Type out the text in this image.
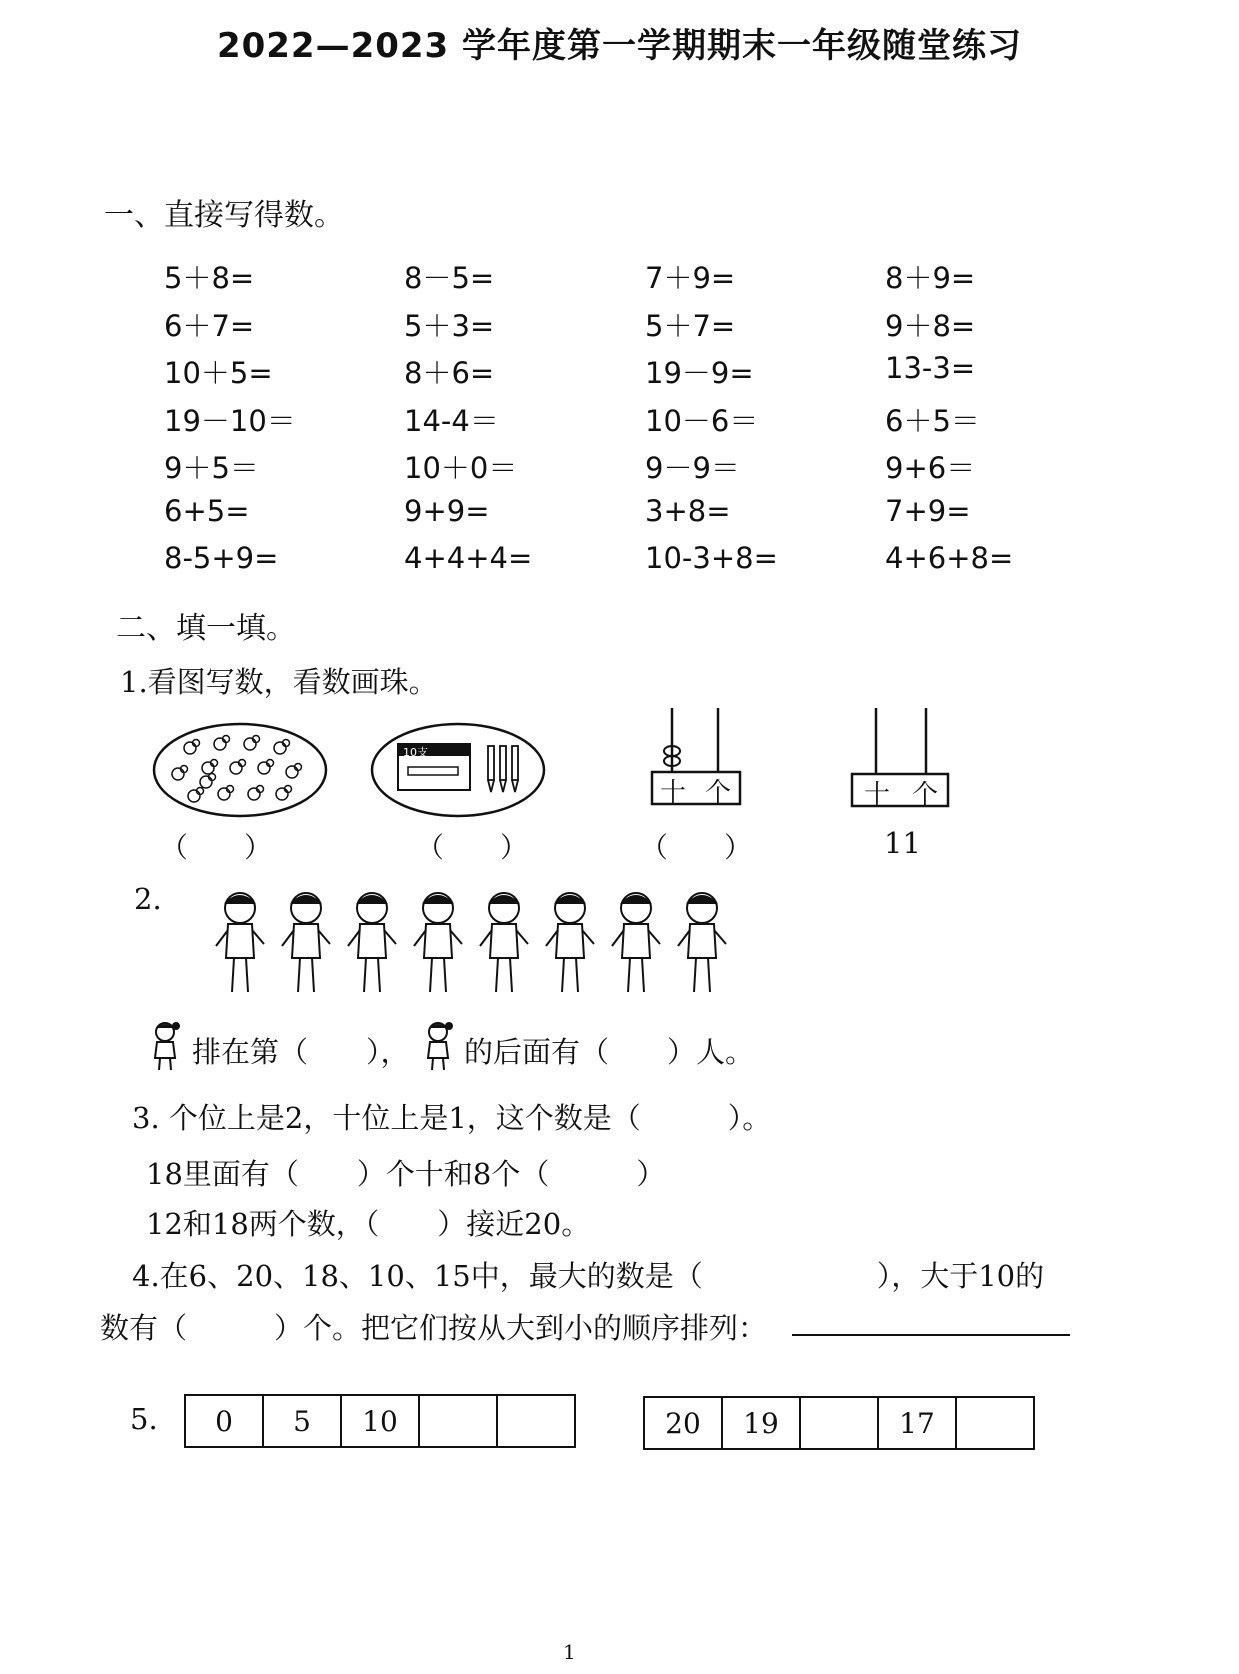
2022—2023 学年度第一学期期末一年级随堂练习
一、直接写得数。
5＋8=	8－5=	7＋9=	8＋9=
6＋7=	5＋3=	5＋7=	9＋8=
10＋5=	8＋6=	19－9=	13-3=
19－10＝	14-4＝	10－6＝	6＋5＝
9＋5＝	10＋0＝	9－9＝	9+6＝
6+5=	9+9=	3+8=	7+9=
8-5+9=	4+4+4=	10-3+8=	4+6+8=
二、填一填。
1.看图写数，看数画珠。
10支
十 个	十 个
（　　）	（　　）	（　　）	11
2.
排在第（　　）， 的后面有（　　）人。
3. 个位上是2，十位上是1，这个数是（　　　）。
18里面有（　　）个十和8个（　　　）
12和18两个数，（　　）接近20。
4.在6、20、18、10、15中，最大的数是（　　　　　　），大于10的
数有（　　　）个。把它们按从大到小的顺序排列：
5. 0	5	10			20	19		17	
1
